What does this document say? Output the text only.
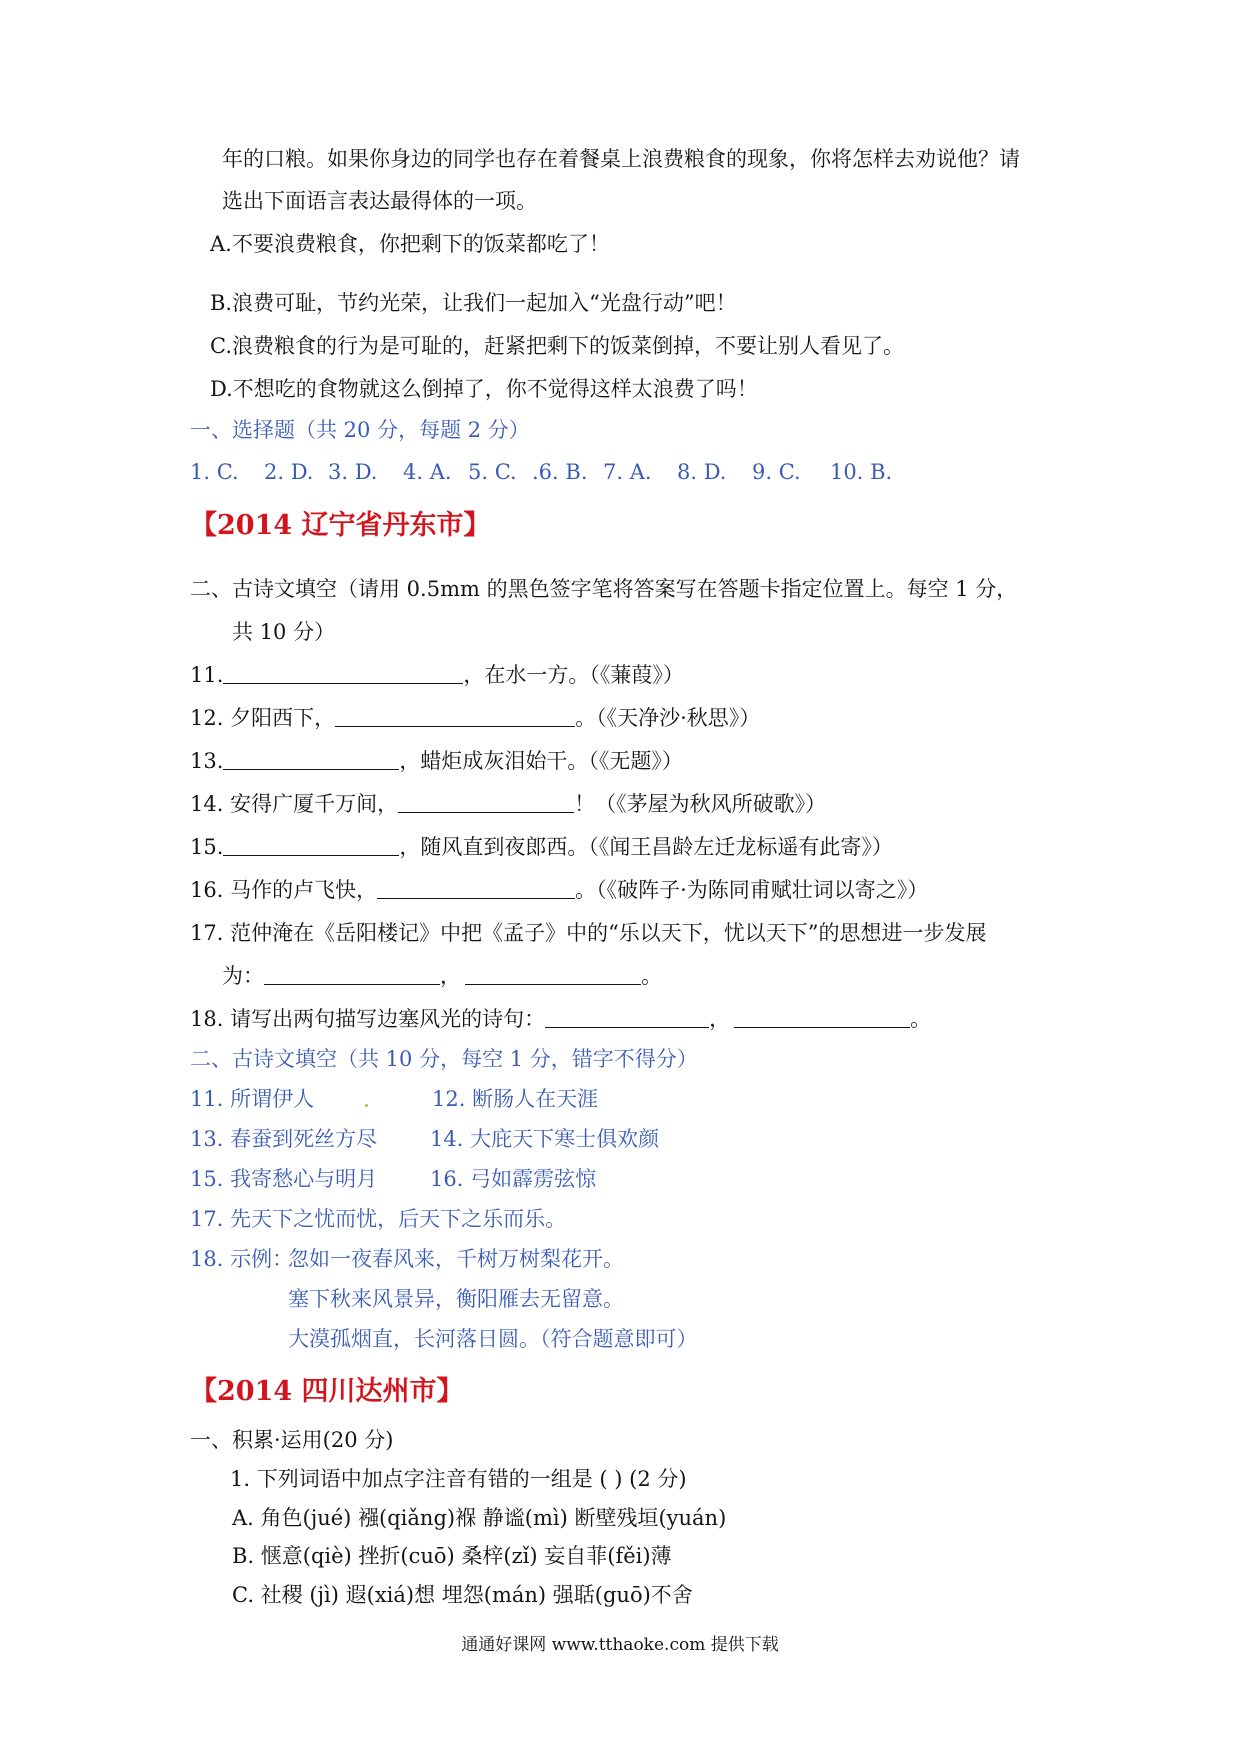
年的口粮。如果你身边的同学也存在着餐桌上浪费粮食的现象，你将怎样去劝说他？请
选出下面语言表达最得体的一项。
A.不要浪费粮食，你把剩下的饭菜都吃了！
B.浪费可耻，节约光荣，让我们一起加入“光盘行动”吧！
C.浪费粮食的行为是可耻的，赶紧把剩下的饭菜倒掉，不要让别人看见了。
D.不想吃的食物就这么倒掉了，你不觉得这样太浪费了吗！
一、选择题（共 20 分，每题 2 分）
1. C. 2. D. 3. D. 4. A. 5. C. .6. B. 7. A. 8. D. 9. C. 10. B.
【2014 辽宁省丹东市】
二、古诗文填空（请用 0.5mm 的黑色签字笔将答案写在答题卡指定位置上。每空 1 分，
共 10 分）
11.	，在水一方。（《蒹葭》）
12. 夕阳西下，	。（《天净沙·秋思》）
13.	，蜡炬成灰泪始干。（《无题》）
14. 安得广厦千万间，	！（《茅屋为秋风所破歌》）
15.	，随风直到夜郎西。（《闻王昌龄左迁龙标遥有此寄》）
16. 马作的卢飞快，	。（《破阵子·为陈同甫赋壮词以寄之》）
17. 范仲淹在《岳阳楼记》中把《孟子》中的“乐以天下，忧以天下”的思想进一步发展
为：	，	。
18. 请写出两句描写边塞风光的诗句：	，	。
二、古诗文填空（共 10 分，每空 1 分，错字不得分）
11. 所谓伊人	12. 断肠人在天涯
13. 春蚕到死丝方尽	14. 大庇天下寒士俱欢颜
15. 我寄愁心与明月	16. 弓如霹雳弦惊
17. 先天下之忧而忧，后天下之乐而乐。
18. 示例：
忽如一夜春风来，千树万树梨花开。
塞下秋来风景异，衡阳雁去无留意。
大漠孤烟直，长河落日圆。（符合题意即可）
【2014 四川达州市】
一、积累·运用(20 分)
1. 下列词语中加点字注音有错的一组是 ( ) (2 分)
A. 角色(jué) 襁(qiǎng)褓 静谧(mì) 断壁残垣(yuán)
B. 惬意(qiè) 挫折(cuō) 桑梓(zǐ) 妄自菲(fěi)薄
C. 社稷 (jì) 遐(xiá)想 埋怨(mán) 强聒(guō)不舍
通通好课网 www.tthaoke.com 提供下载
